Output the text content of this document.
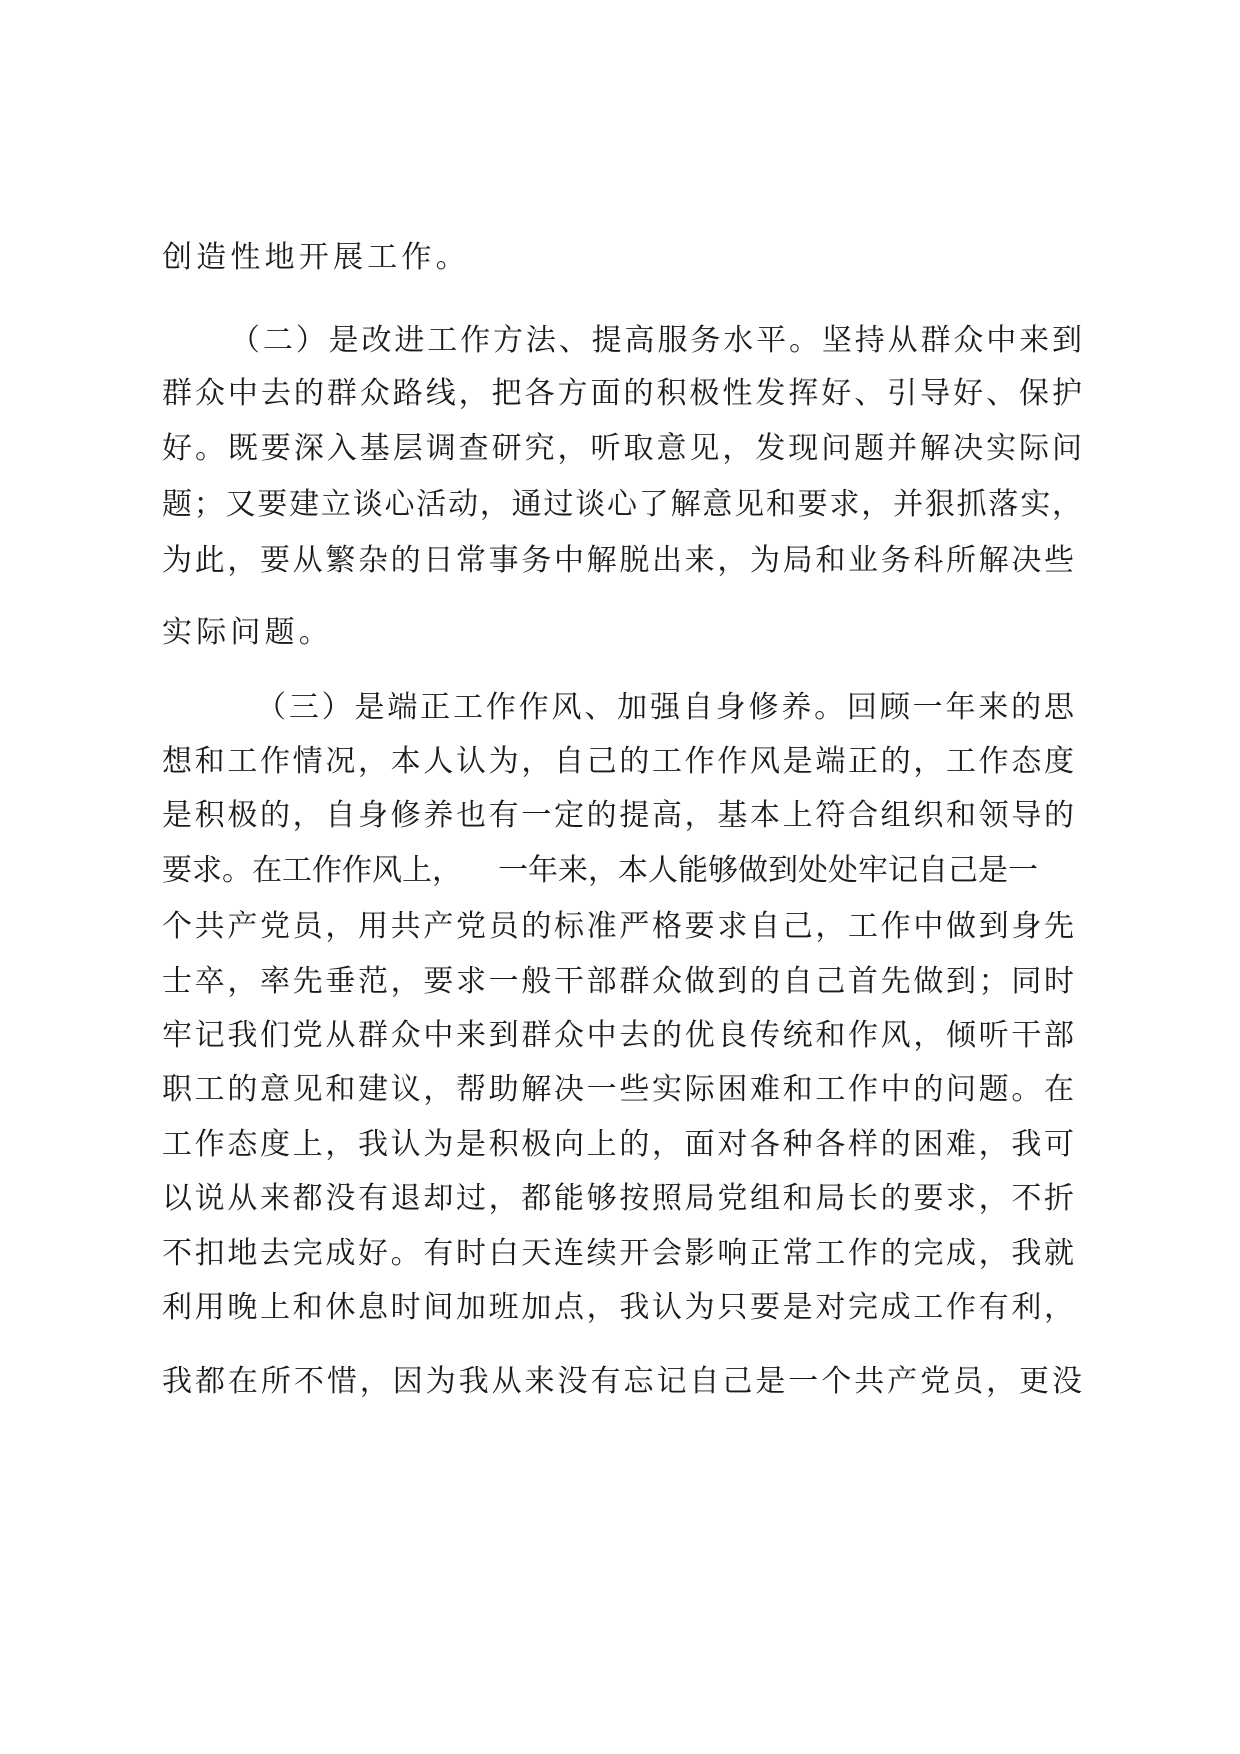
创造性地开展工作。
（二）是改进工作方法、提高服务水平。坚持从群众中来到
群众中去的群众路线，把各方面的积极性发挥好、引导好、保护
好。既要深入基层调查研究，听取意见，发现问题并解决实际问
题；又要建立谈心活动，通过谈心了解意见和要求，并狠抓落实，
为此，要从繁杂的日常事务中解脱出来，为局和业务科所解决些
实际问题。
（三）是端正工作作风、加强自身修养。回顾一年来的思
想和工作情况，本人认为，自己的工作作风是端正的，工作态度
是积极的，自身修养也有一定的提高，基本上符合组织和领导的
要求。在工作作风上， 一年来，本人能够做到处处牢记自己是一
个共产党员，用共产党员的标准严格要求自己，工作中做到身先
士卒，率先垂范，要求一般干部群众做到的自己首先做到；同时
牢记我们党从群众中来到群众中去的优良传统和作风，倾听干部
职工的意见和建议，帮助解决一些实际困难和工作中的问题。在
工作态度上，我认为是积极向上的，面对各种各样的困难，我可
以说从来都没有退却过，都能够按照局党组和局长的要求，不折
不扣地去完成好。有时白天连续开会影响正常工作的完成，我就
利用晚上和休息时间加班加点，我认为只要是对完成工作有利，
我都在所不惜，因为我从来没有忘记自己是一个共产党员，更没
